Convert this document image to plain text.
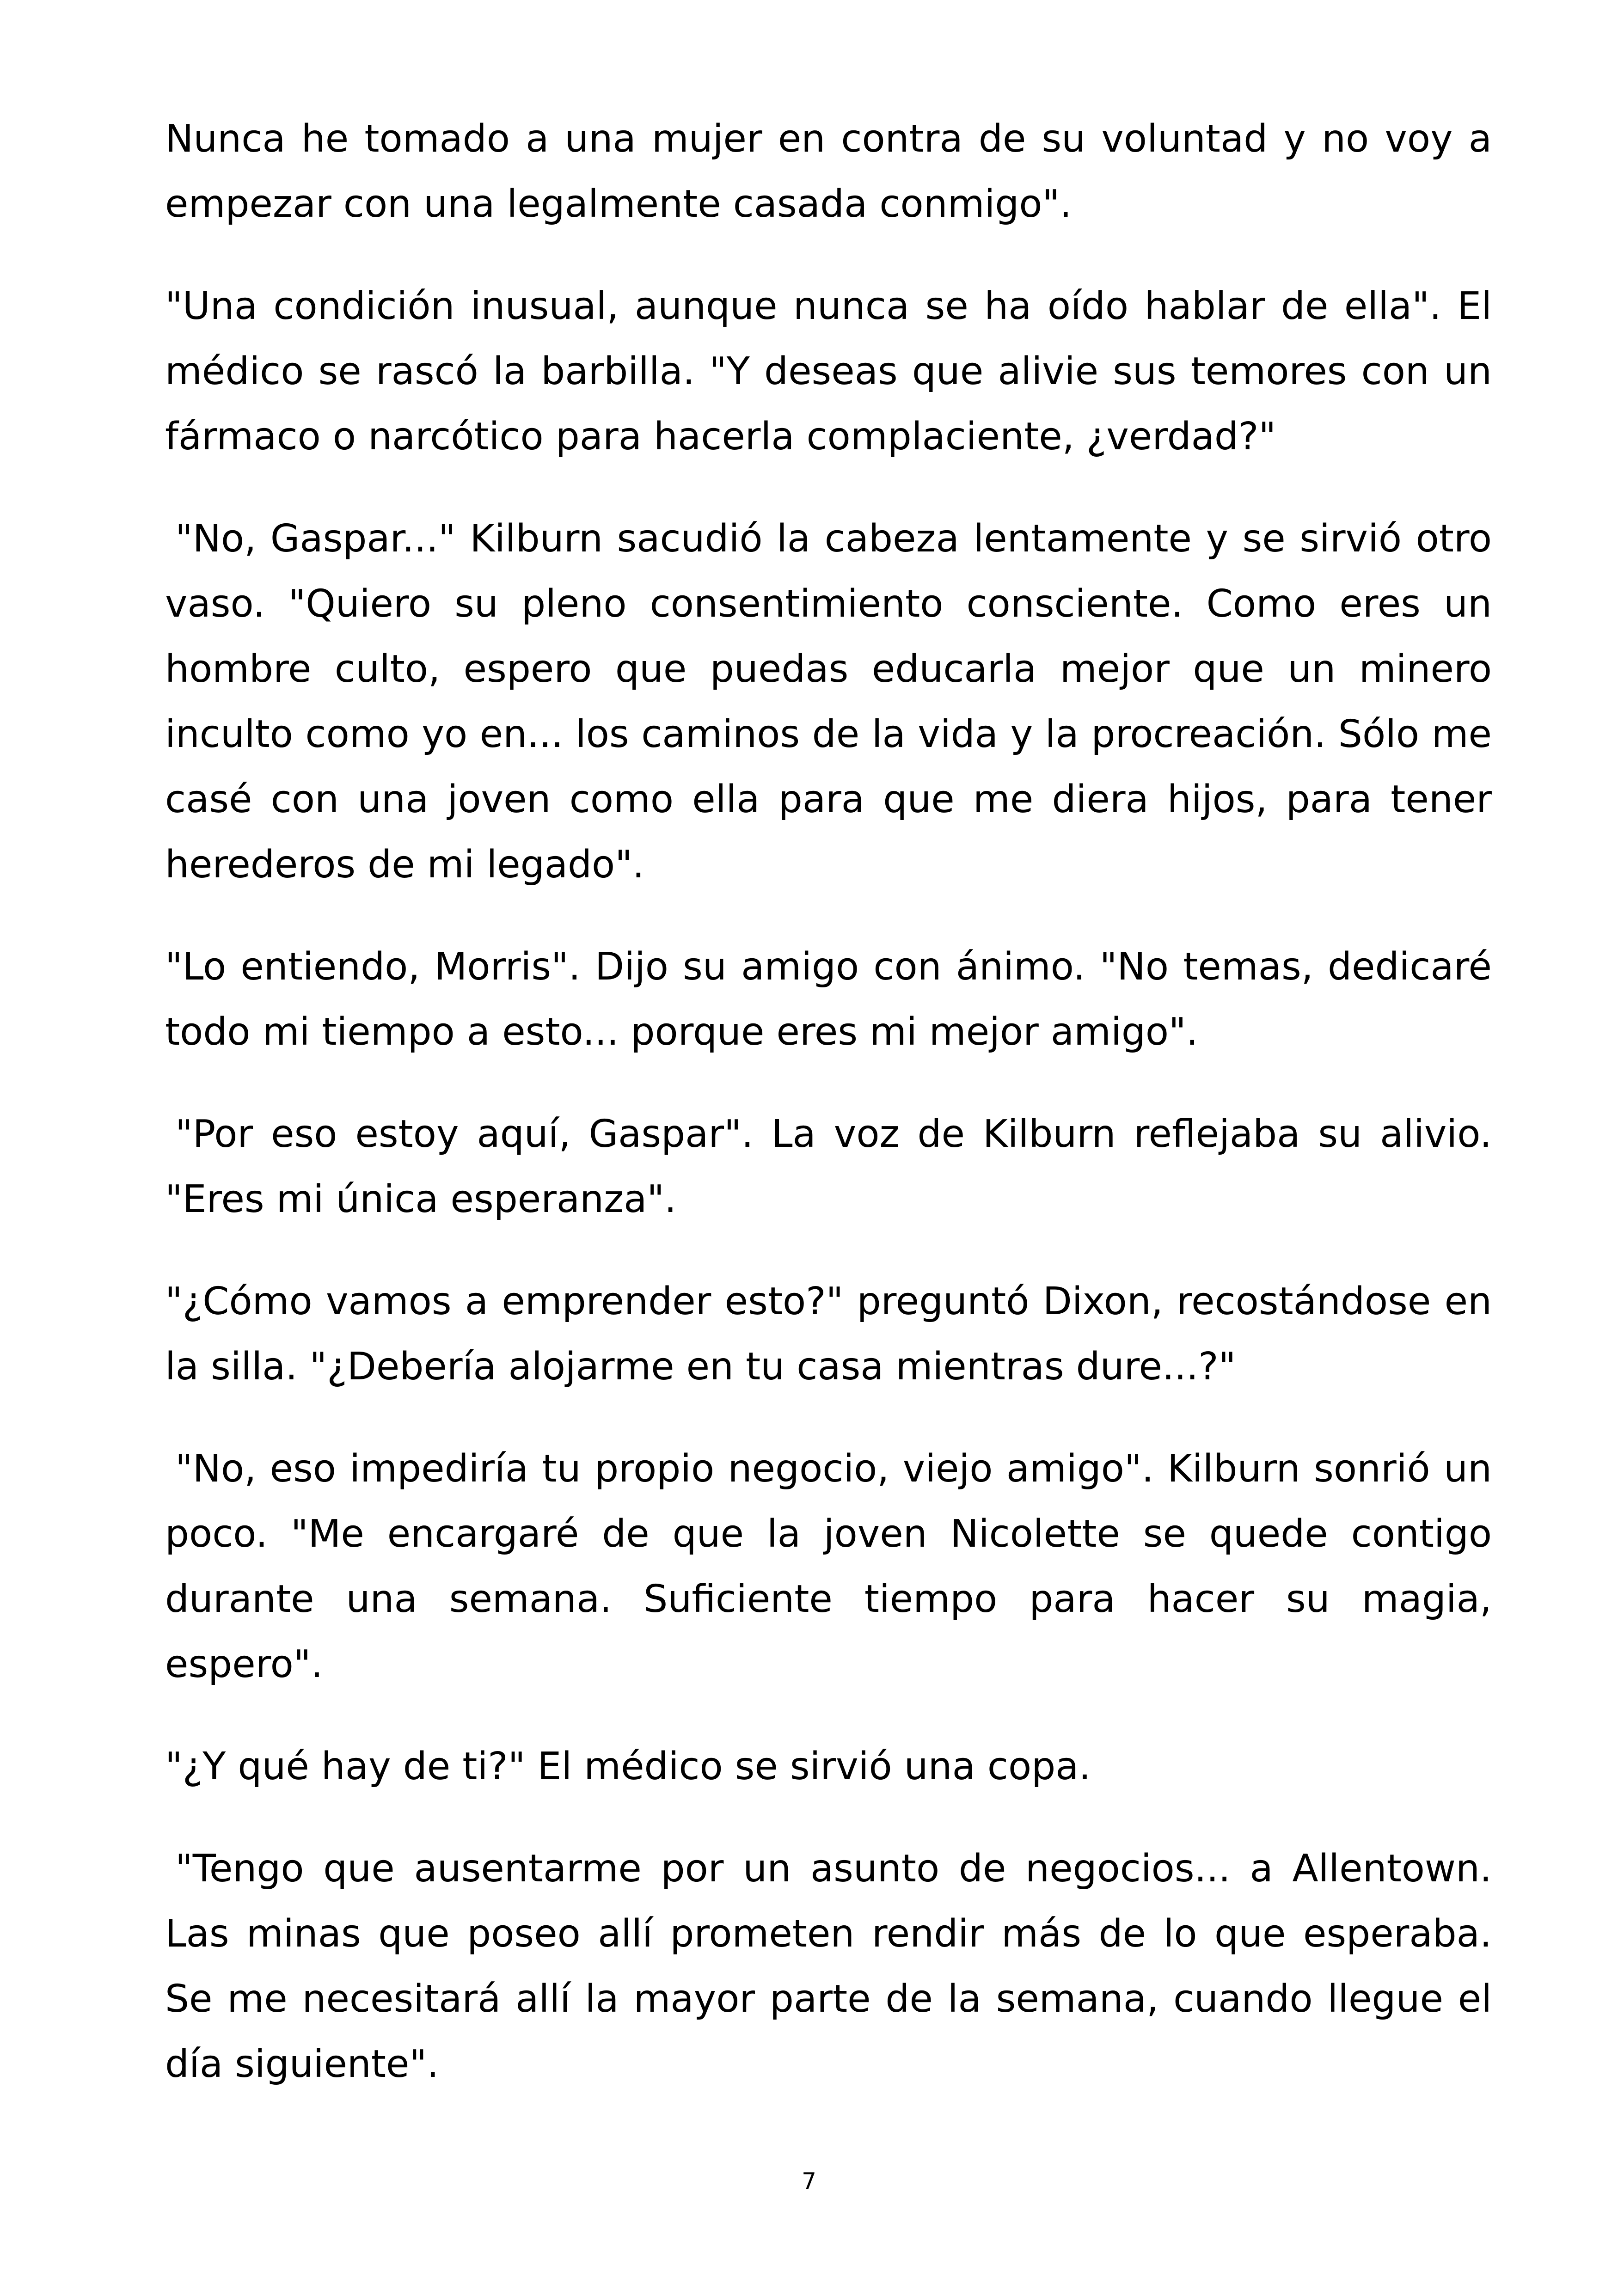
Nunca he tomado a una mujer en contra de su voluntad y no voy a empezar con una legalmente casada conmigo".

"Una condición inusual, aunque nunca se ha oído hablar de ella". El médico se rascó la barbilla. "Y deseas que alivie sus temores con un fármaco o narcótico para hacerla complaciente, ¿verdad?"

"No, Gaspar..." Kilburn sacudió la cabeza lentamente y se sirvió otro vaso. "Quiero su pleno consentimiento consciente. Como eres un hombre culto, espero que puedas educarla mejor que un minero inculto como yo en... los caminos de la vida y la procreación. Sólo me casé con una joven como ella para que me diera hijos, para tener herederos de mi legado".

"Lo entiendo, Morris". Dijo su amigo con ánimo. "No temas, dedicaré todo mi tiempo a esto... porque eres mi mejor amigo".

"Por eso estoy aquí, Gaspar". La voz de Kilburn reflejaba su alivio. "Eres mi única esperanza".

"¿Cómo vamos a emprender esto?" preguntó Dixon, recostándose en la silla. "¿Debería alojarme en tu casa mientras dure...?"

"No, eso impediría tu propio negocio, viejo amigo". Kilburn sonrió un poco. "Me encargaré de que la joven Nicolette se quede contigo durante una semana. Suficiente tiempo para hacer su magia, espero".

"¿Y qué hay de ti?" El médico se sirvió una copa.

"Tengo que ausentarme por un asunto de negocios... a Allentown. Las minas que poseo allí prometen rendir más de lo que esperaba. Se me necesitará allí la mayor parte de la semana, cuando llegue el día siguiente".

7
